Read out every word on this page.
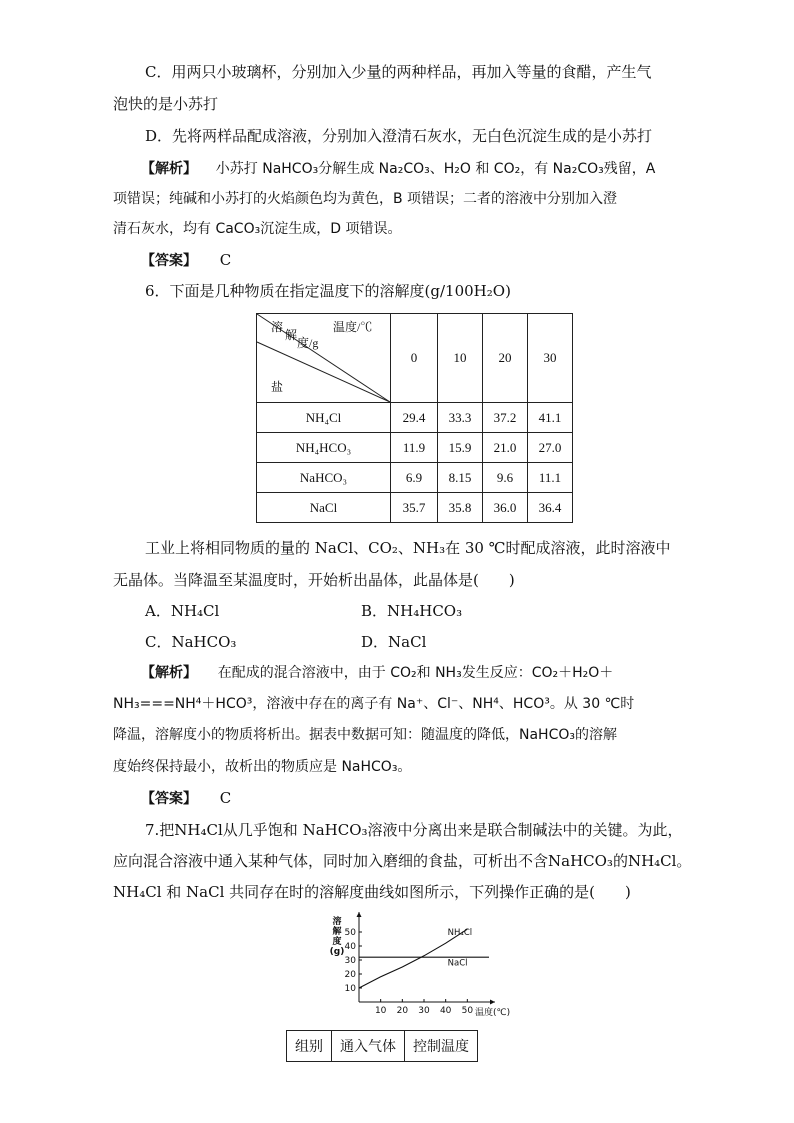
C．用两只小玻璃杯，分别加入少量的两种样品，再加入等量的食醋，产生气
泡快的是小苏打
D．先将两样品配成溶液，分别加入澄清石灰水，无白色沉淀生成的是小苏打
【解析】 小苏打 NaHCO₃分解生成 Na₂CO₃、H₂O 和 CO₂，有 Na₂CO₃残留，A
项错误；纯碱和小苏打的火焰颜色均为黄色，B 项错误；二者的溶液中分别加入澄
清石灰水，均有 CaCO₃沉淀生成，D 项错误。
【答案】 C
6．下面是几种物质在指定温度下的溶解度(g/100H₂O)
温度/℃
溶
解
度/g
盐	0	10	20	30
NH₄Cl	29.4	33.3	37.2	41.1
NH₄HCO₃	11.9	15.9	21.0	27.0
NaHCO₃	6.9	8.15	9.6	11.1
NaCl	35.7	35.8	36.0	36.4
工业上将相同物质的量的 NaCl、CO₂、NH₃在 30 ℃时配成溶液，此时溶液中
无晶体。当降温至某温度时，开始析出晶体，此晶体是(　　)
A．NH₄Cl	B．NH₄HCO₃
C．NaHCO₃	D．NaCl
【解析】 在配成的混合溶液中，由于 CO₂和 NH₃发生反应：CO₂＋H₂O＋
NH₃===NH⁴＋HCO³，溶液中存在的离子有 Na⁺、Cl⁻、NH⁴、HCO³。从 30 ℃时
降温，溶解度小的物质将析出。据表中数据可知：随温度的降低，NaHCO₃的溶解
度始终保持最小，故析出的物质应是 NaHCO₃。
【答案】 C
7.把NH₄Cl从几乎饱和 NaHCO₃溶液中分离出来是联合制碱法中的关键。为此，
应向混合溶液中通入某种气体，同时加入磨细的食盐，可析出不含NaHCO₃的NH₄Cl。
NH₄Cl 和 NaCl 共同存在时的溶解度曲线如图所示，下列操作正确的是(　　)
10
20
30
40
50
10 20 30 40 50
溶
解
度
(g)
温度(℃)
NH₄Cl
NaCl
组别	通入气体	控制温度
